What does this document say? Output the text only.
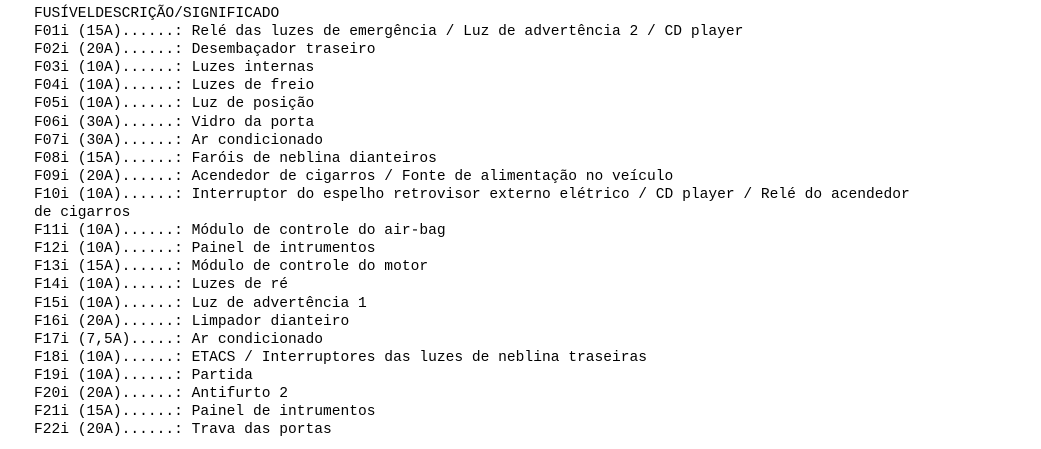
FUSÍVELDESCRIÇÃO/SIGNIFICADO
F01i (15A)......: Relé das luzes de emergência / Luz de advertência 2 / CD player
F02i (20A)......: Desembaçador traseiro
F03i (10A)......: Luzes internas
F04i (10A)......: Luzes de freio
F05i (10A)......: Luz de posição
F06i (30A)......: Vidro da porta
F07i (30A)......: Ar condicionado
F08i (15A)......: Faróis de neblina dianteiros
F09i (20A)......: Acendedor de cigarros / Fonte de alimentação no veículo
F10i (10A)......: Interruptor do espelho retrovisor externo elétrico / CD player / Relé do acendedor
de cigarros
F11i (10A)......: Módulo de controle do air-bag
F12i (10A)......: Painel de intrumentos
F13i (15A)......: Módulo de controle do motor
F14i (10A)......: Luzes de ré
F15i (10A)......: Luz de advertência 1
F16i (20A)......: Limpador dianteiro
F17i (7,5A).....: Ar condicionado
F18i (10A)......: ETACS / Interruptores das luzes de neblina traseiras
F19i (10A)......: Partida
F20i (20A)......: Antifurto 2
F21i (15A)......: Painel de intrumentos
F22i (20A)......: Trava das portas
